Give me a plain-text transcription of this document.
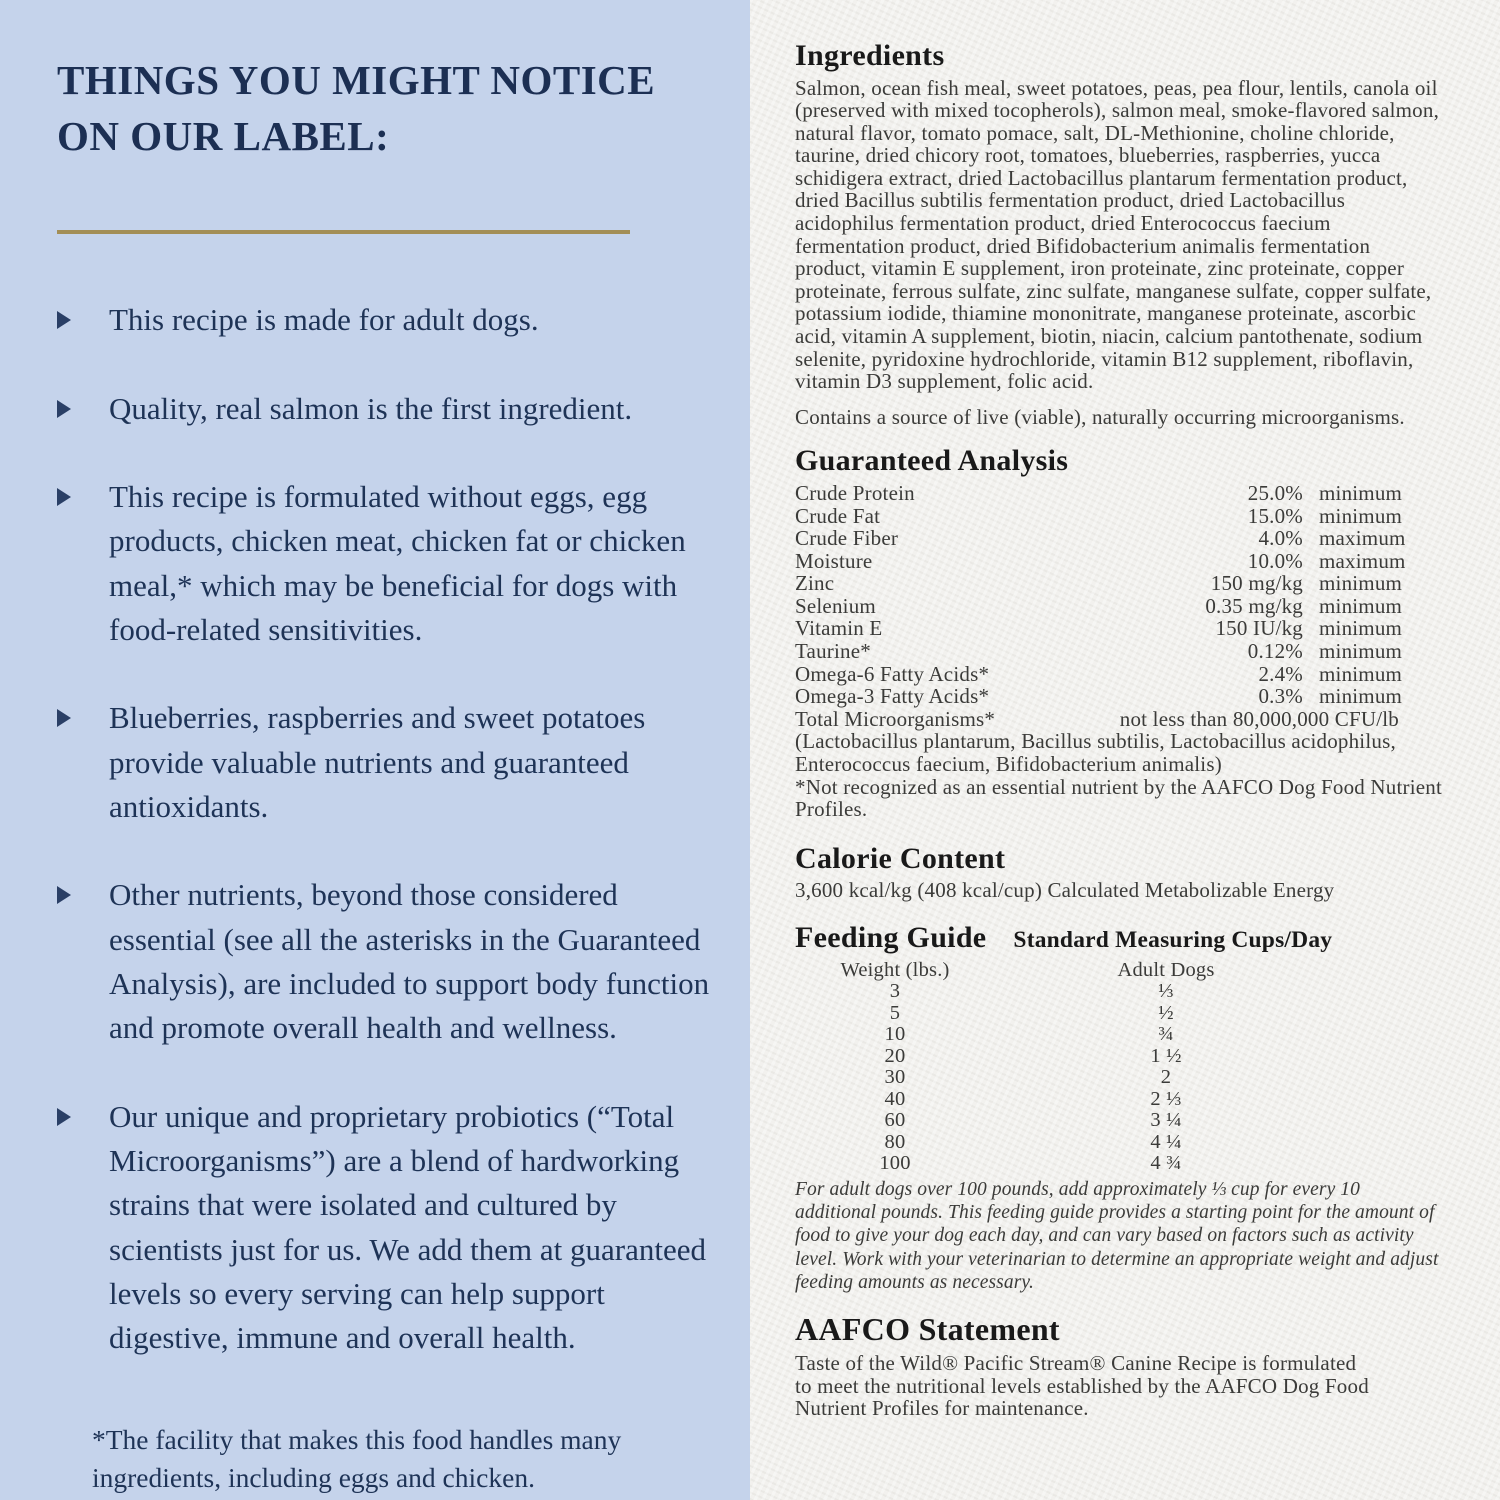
THINGS YOU MIGHT NOTICE ON OUR LABEL:
This recipe is made for adult dogs.
Quality, real salmon is the first ingredient.
This recipe is formulated without eggs, egg products, chicken meat, chicken fat or chicken meal,* which may be beneficial for dogs with food-related sensitivities.
Blueberries, raspberries and sweet potatoes provide valuable nutrients and guaranteed antioxidants.
Other nutrients, beyond those considered essential (see all the asterisks in the Guaranteed Analysis), are included to support body function and promote overall health and wellness.
Our unique and proprietary probiotics (“Total Microorganisms”) are a blend of hardworking strains that were isolated and cultured by scientists just for us. We add them at guaranteed levels so every serving can help support digestive, immune and overall health.

*The facility that makes this food handles many ingredients, including eggs and chicken.

Ingredients

Salmon, ocean fish meal, sweet potatoes, peas, pea flour, lentils, canola oil (preserved with mixed tocopherols), salmon meal, smoke-flavored salmon, natural flavor, tomato pomace, salt, DL-Methionine, choline chloride, taurine, dried chicory root, tomatoes, blueberries, raspberries, yucca schidigera extract, dried Lactobacillus plantarum fermentation product, dried Bacillus subtilis fermentation product, dried Lactobacillus acidophilus fermentation product, dried Enterococcus faecium fermentation product, dried Bifidobacterium animalis fermentation product, vitamin E supplement, iron proteinate, zinc proteinate, copper proteinate, ferrous sulfate, zinc sulfate, manganese sulfate, copper sulfate, potassium iodide, thiamine mononitrate, manganese proteinate, ascorbic acid, vitamin A supplement, biotin, niacin, calcium pantothenate, sodium selenite, pyridoxine hydrochloride, vitamin B12 supplement, riboflavin, vitamin D3 supplement, folic acid.

Contains a source of live (viable), naturally occurring microorganisms.

Guaranteed Analysis
Crude Protein	25.0% minimum
Crude Fat	15.0% minimum
Crude Fiber	4.0% maximum
Moisture	10.0% maximum
Zinc	150 mg/kg minimum
Selenium	0.35 mg/kg minimum
Vitamin E	150 IU/kg minimum
Taurine*	0.12% minimum
Omega-6 Fatty Acids*	2.4% minimum
Omega-3 Fatty Acids*	0.3% minimum
Total Microorganisms*	not less than 80,000,000 CFU/lb

(Lactobacillus plantarum, Bacillus subtilis, Lactobacillus acidophilus, Enterococcus faecium, Bifidobacterium animalis)

*Not recognized as an essential nutrient by the AAFCO Dog Food Nutrient Profiles.

Calorie Content

3,600 kcal/kg (408 kcal/cup) Calculated Metabolizable Energy

Feeding Guide Standard Measuring Cups/Day
Weight (lbs.)	Adult Dogs
3	⅓
5	½
10	¾
20	1 ½
30	2
40	2 ⅓
60	3 ¼
80	4 ¼
100	4 ¾

For adult dogs over 100 pounds, add approximately ⅓ cup for every 10 additional pounds. This feeding guide provides a starting point for the amount of food to give your dog each day, and can vary based on factors such as activity level. Work with your veterinarian to determine an appropriate weight and adjust feeding amounts as necessary.

AAFCO Statement

Taste of the Wild® Pacific Stream® Canine Recipe is formulated to meet the nutritional levels established by the AAFCO Dog Food Nutrient Profiles for maintenance.
